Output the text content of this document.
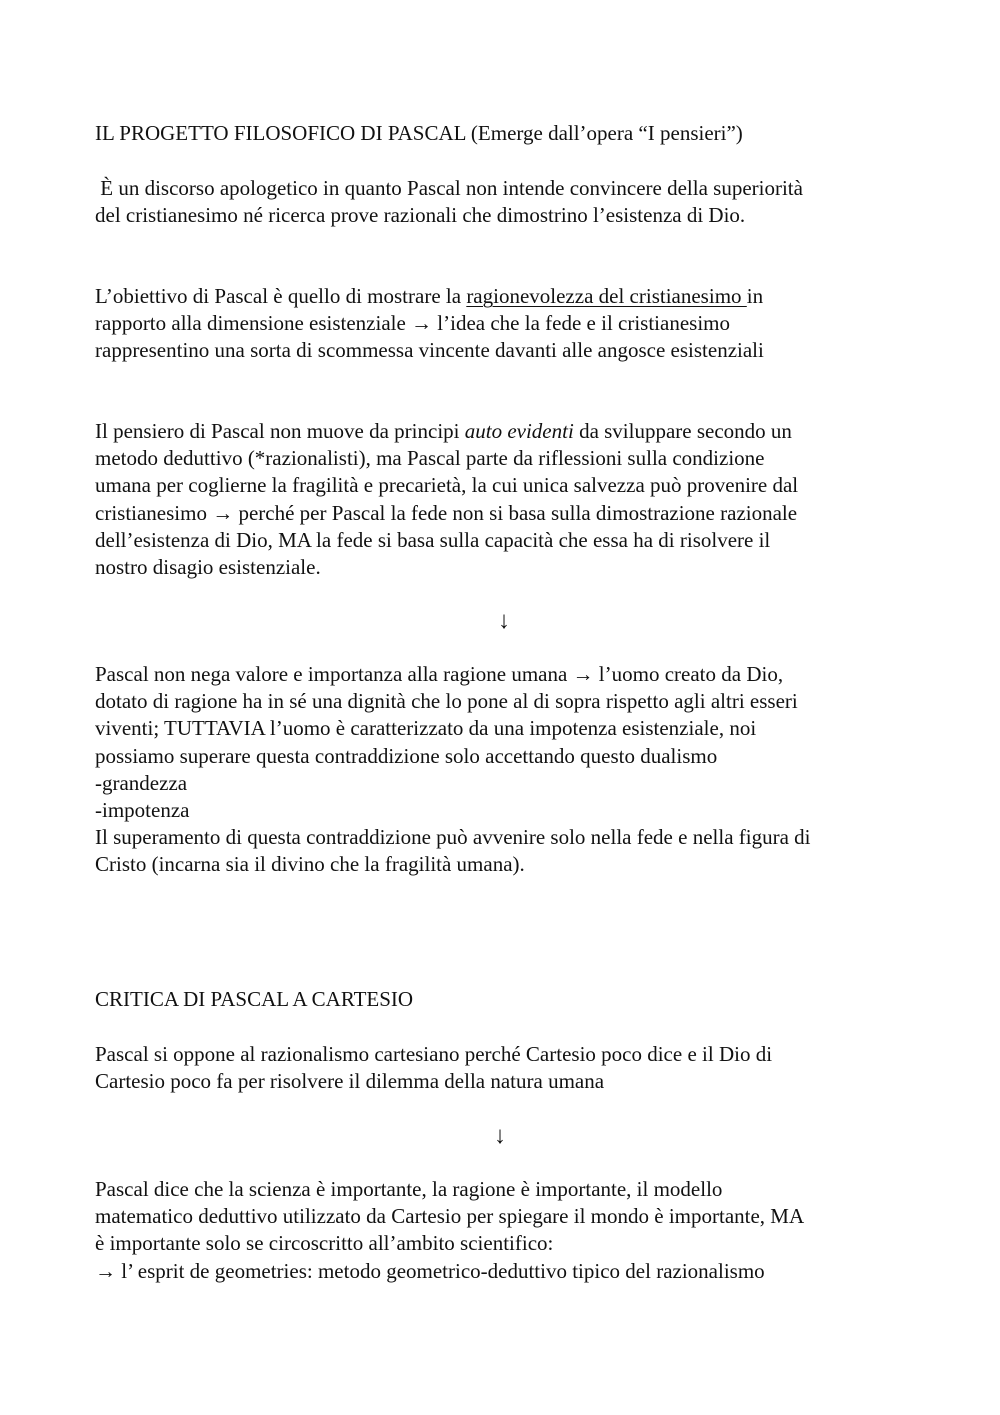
IL PROGETTO FILOSOFICO DI PASCAL (Emerge dall’opera “I pensieri”)
È un discorso apologetico in quanto Pascal non intende convincere della superiorità
del cristianesimo né ricerca prove razionali che dimostrino l’esistenza di Dio.
L’obiettivo di Pascal è quello di mostrare la ragionevolezza del cristianesimo in
rapporto alla dimensione esistenziale → l’idea che la fede e il cristianesimo
rappresentino una sorta di scommessa vincente davanti alle angosce esistenziali
Il pensiero di Pascal non muove da principi auto evidenti da sviluppare secondo un
metodo deduttivo (*razionalisti), ma Pascal parte da riflessioni sulla condizione
umana per coglierne la fragilità e precarietà, la cui unica salvezza può provenire dal
cristianesimo → perché per Pascal la fede non si basa sulla dimostrazione razionale
dell’esistenza di Dio, MA la fede si basa sulla capacità che essa ha di risolvere il
nostro disagio esistenziale.
↓
Pascal non nega valore e importanza alla ragione umana → l’uomo creato da Dio,
dotato di ragione ha in sé una dignità che lo pone al di sopra rispetto agli altri esseri
viventi; TUTTAVIA l’uomo è caratterizzato da una impotenza esistenziale, noi
possiamo superare questa contraddizione solo accettando questo dualismo
-grandezza
-impotenza
Il superamento di questa contraddizione può avvenire solo nella fede e nella figura di
Cristo (incarna sia il divino che la fragilità umana).
CRITICA DI PASCAL A CARTESIO
Pascal si oppone al razionalismo cartesiano perché Cartesio poco dice e il Dio di
Cartesio poco fa per risolvere il dilemma della natura umana
↓
Pascal dice che la scienza è importante, la ragione è importante, il modello
matematico deduttivo utilizzato da Cartesio per spiegare il mondo è importante, MA
è importante solo se circoscritto all’ambito scientifico:
→ l’ esprit de geometries: metodo geometrico-deduttivo tipico del razionalismo
